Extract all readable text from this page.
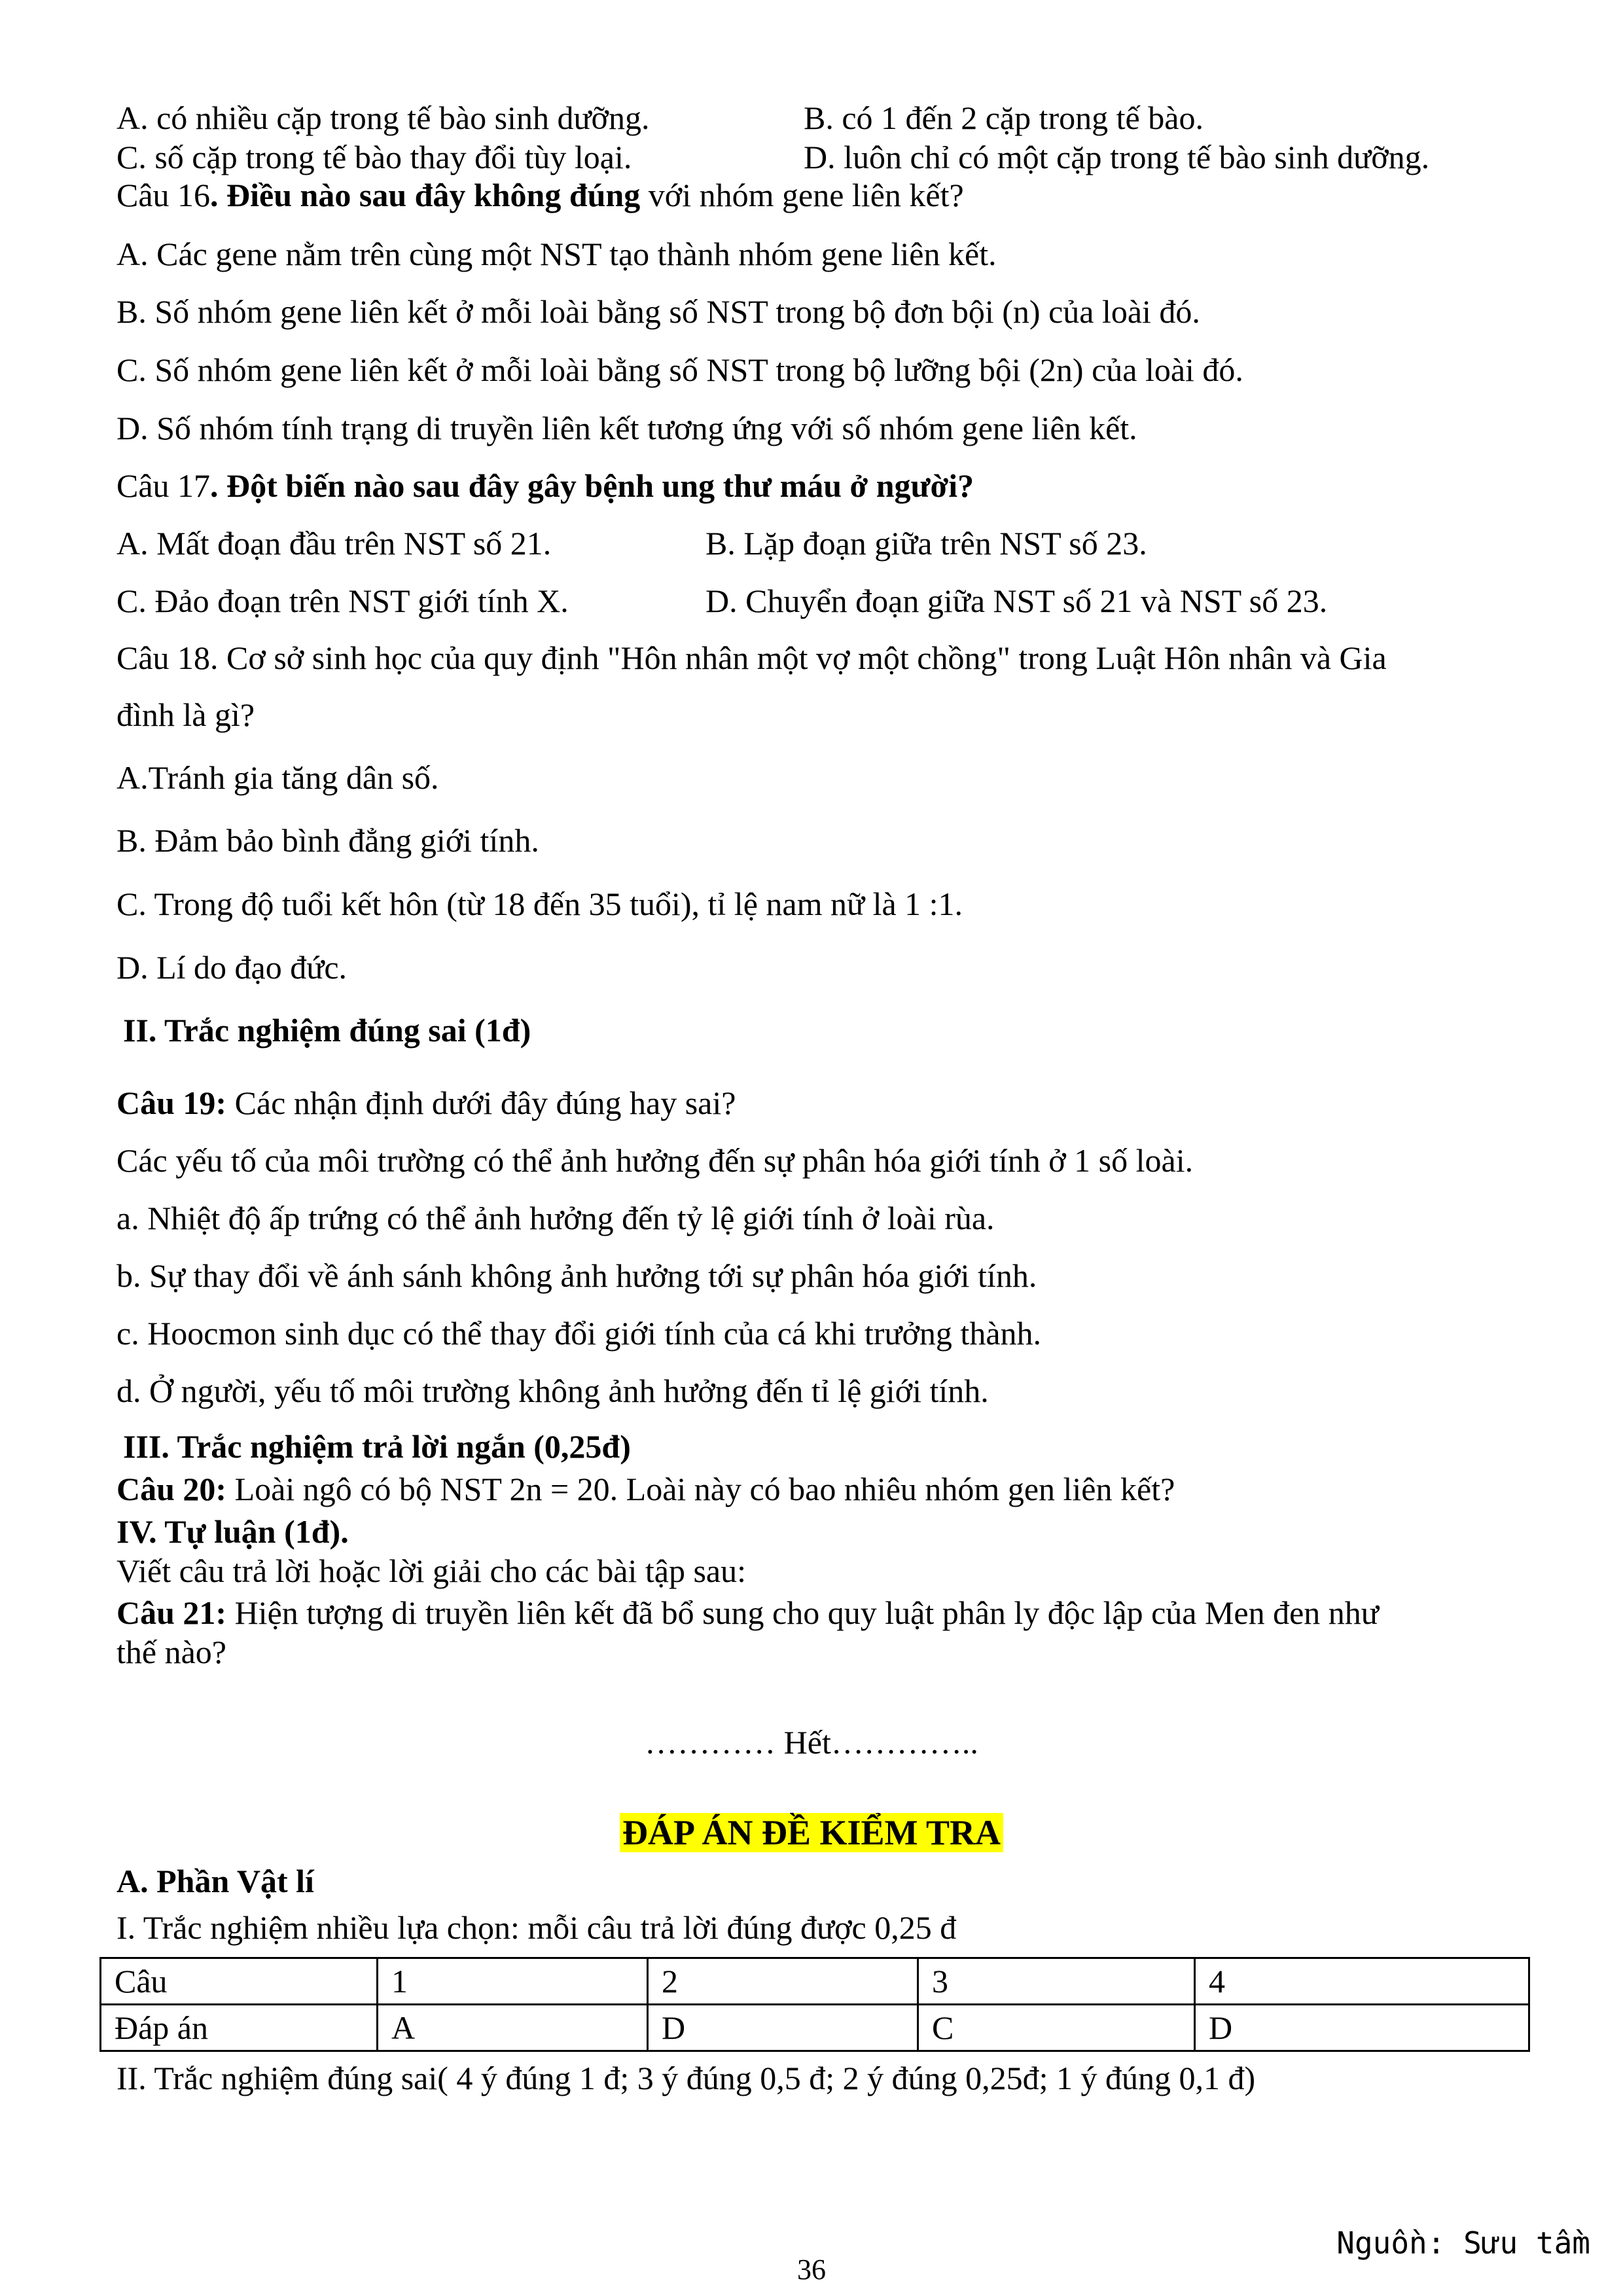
A. có nhiều cặp trong tế bào sinh dưỡng.	B. có 1 đến 2 cặp trong tế bào.
C. số cặp trong tế bào thay đổi tùy loại.	D. luôn chỉ có một cặp trong tế bào sinh dưỡng.
Câu 16. Điều nào sau đây không đúng với nhóm gene liên kết?
A. Các gene nằm trên cùng một NST tạo thành nhóm gene liên kết.
B. Số nhóm gene liên kết ở mỗi loài bằng số NST trong bộ đơn bội (n) của loài đó.
C. Số nhóm gene liên kết ở mỗi loài bằng số NST trong bộ lưỡng bội (2n) của loài đó.
D. Số nhóm tính trạng di truyền liên kết tương ứng với số nhóm gene liên kết.
Câu 17. Đột biến nào sau đây gây bệnh ung thư máu ở người?
A. Mất đoạn đầu trên NST số 21.	B. Lặp đoạn giữa trên NST số 23.
C. Đảo đoạn trên NST giới tính X.	D. Chuyển đoạn giữa NST số 21 và NST số 23.
Câu 18. Cơ sở sinh học của quy định "Hôn nhân một vợ một chồng" trong Luật Hôn nhân và Gia
đình là gì?
A.Tránh gia tăng dân số.
B. Đảm bảo bình đẳng giới tính.
C. Trong độ tuổi kết hôn (từ 18 đến 35 tuổi), tỉ lệ nam nữ là 1 :1.
D. Lí do đạo đức.
II. Trắc nghiệm đúng sai (1đ)
Câu 19: Các nhận định dưới đây đúng hay sai?
Các yếu tố của môi trường có thể ảnh hưởng đến sự phân hóa giới tính ở 1 số loài.
a. Nhiệt độ ấp trứng có thể ảnh hưởng đến tỷ lệ giới tính ở loài rùa.
b. Sự thay đổi về ánh sánh không ảnh hưởng tới sự phân hóa giới tính.
c. Hoocmon sinh dục có thể thay đổi giới tính của cá khi trưởng thành.
d. Ở người, yếu tố môi trường không ảnh hưởng đến tỉ lệ giới tính.
III. Trắc nghiệm trả lời ngắn (0,25đ)
Câu 20: Loài ngô có bộ NST 2n = 20. Loài này có bao nhiêu nhóm gen liên kết?
IV. Tự luận (1đ).
Viết câu trả lời hoặc lời giải cho các bài tập sau:
Câu 21: Hiện tượng di truyền liên kết đã bổ sung cho quy luật phân ly độc lập của Men đen như
thế nào?
………… Hết…………..
ĐÁP ÁN ĐỀ KIỂM TRA
A. Phần Vật lí
I. Trắc nghiệm nhiều lựa chọn: mỗi câu trả lời đúng được 0,25 đ
Câu	1	2	3	4
Đáp án	A	D	C	D
II. Trắc nghiệm đúng sai( 4 ý đúng 1 đ; 3 ý đúng 0,5 đ; 2 ý đúng 0,25đ; 1 ý đúng 0,1 đ)
Nguồn: Sưu tầm
36
